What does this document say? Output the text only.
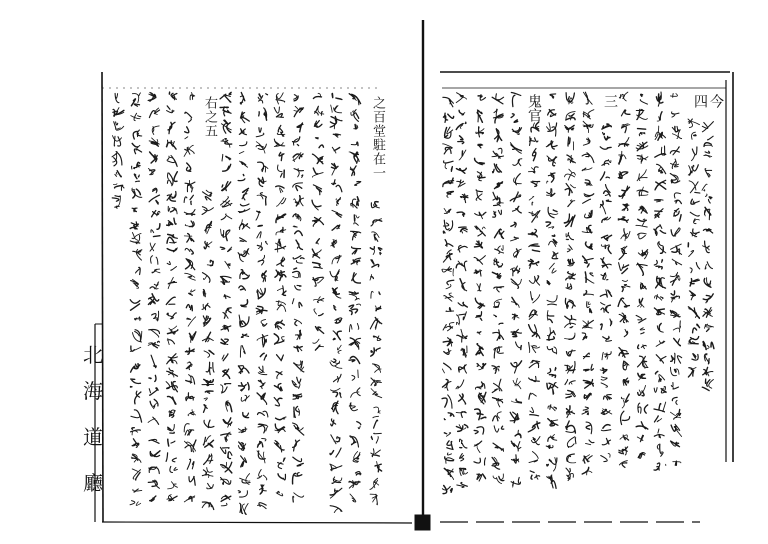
之百堂駐在一
右之五
北
海
道
廳
今
四
三
鬼官
